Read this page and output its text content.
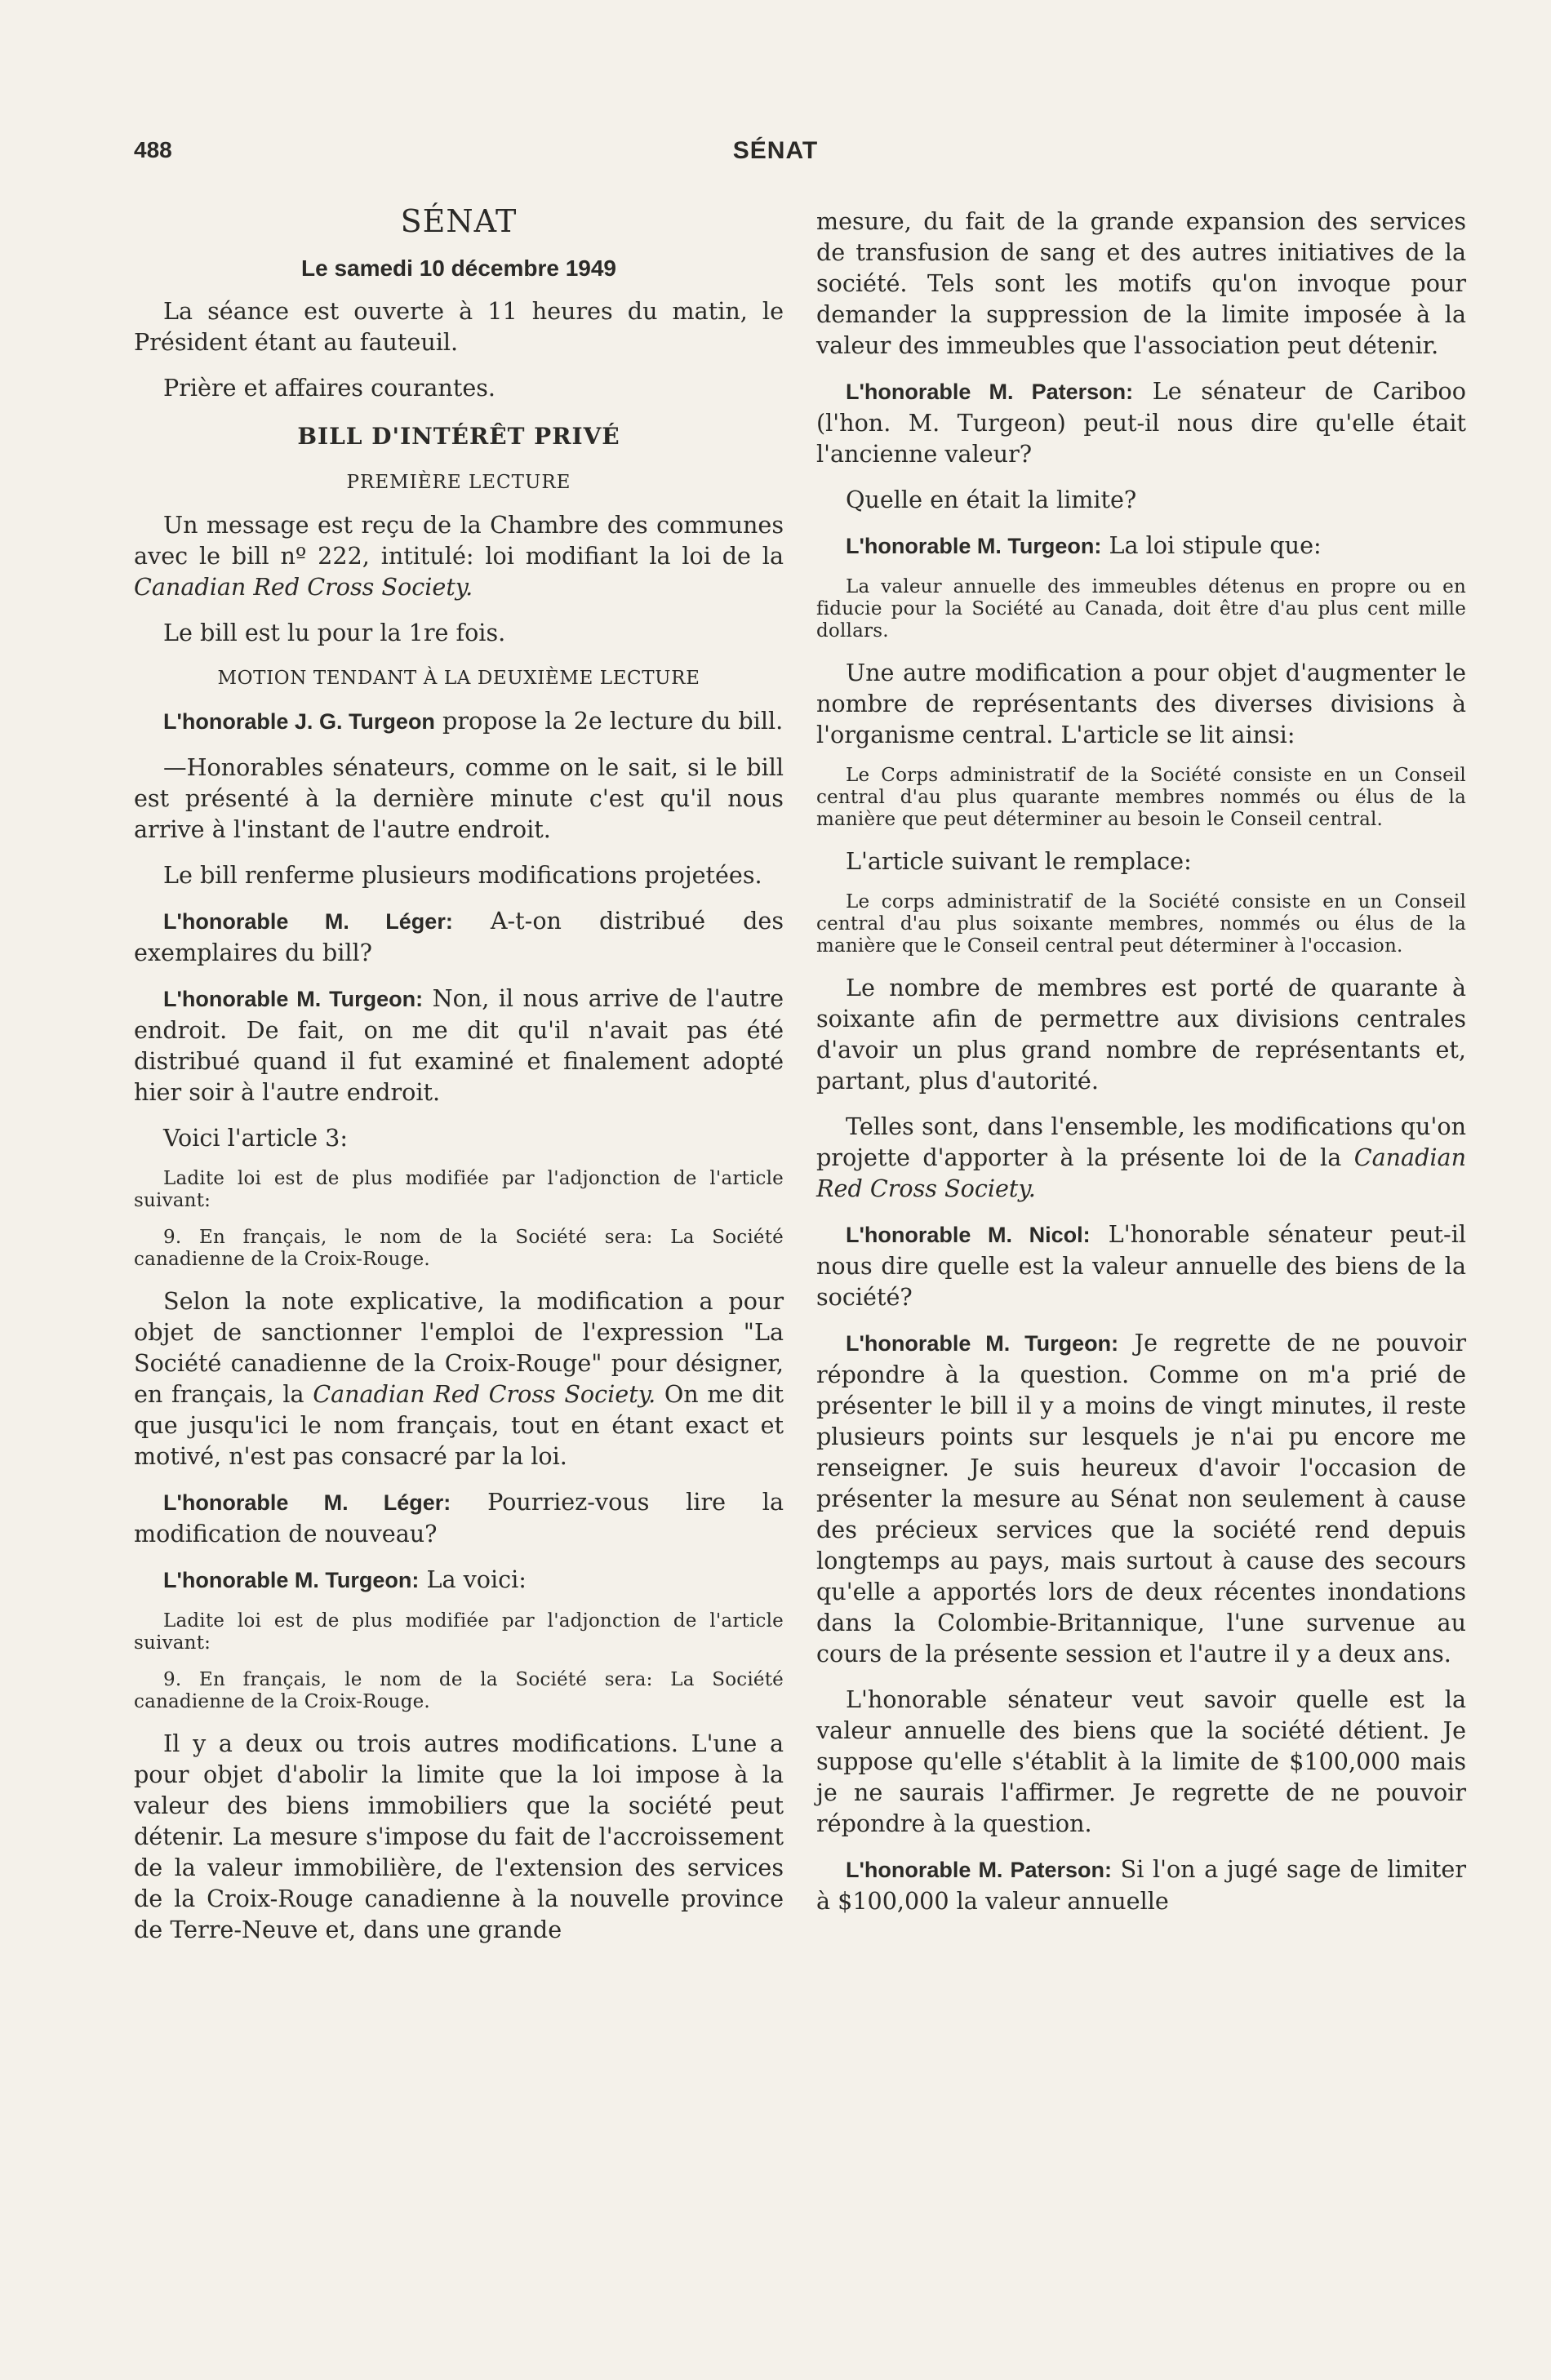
488	SÉNAT
SÉNAT
Le samedi 10 décembre 1949

La séance est ouverte à 11 heures du matin, le Président étant au fauteuil.

Prière et affaires courantes.

BILL D'INTÉRÊT PRIVÉ
PREMIÈRE LECTURE

Un message est reçu de la Chambre des communes avec le bill nº 222, intitulé: loi modifiant la loi de la Canadian Red Cross Society.

Le bill est lu pour la 1re fois.

MOTION TENDANT À LA DEUXIÈME LECTURE

L'honorable J. G. Turgeon propose la 2e lecture du bill.

—Honorables sénateurs, comme on le sait, si le bill est présenté à la dernière minute c'est qu'il nous arrive à l'instant de l'autre endroit.

Le bill renferme plusieurs modifications projetées.

L'honorable M. Léger: A-t-on distribué des exemplaires du bill?

L'honorable M. Turgeon: Non, il nous arrive de l'autre endroit. De fait, on me dit qu'il n'avait pas été distribué quand il fut examiné et finalement adopté hier soir à l'autre endroit.

Voici l'article 3:

Ladite loi est de plus modifiée par l'adjonction de l'article suivant:
9. En français, le nom de la Société sera: La Société canadienne de la Croix-Rouge.

Selon la note explicative, la modification a pour objet de sanctionner l'emploi de l'expression "La Société canadienne de la Croix-Rouge" pour désigner, en français, la Canadian Red Cross Society. On me dit que jusqu'ici le nom français, tout en étant exact et motivé, n'est pas consacré par la loi.

L'honorable M. Léger: Pourriez-vous lire la modification de nouveau?

L'honorable M. Turgeon: La voici:

Ladite loi est de plus modifiée par l'adjonction de l'article suivant:
9. En français, le nom de la Société sera: La Société canadienne de la Croix-Rouge.

Il y a deux ou trois autres modifications. L'une a pour objet d'abolir la limite que la loi impose à la valeur des biens immobiliers que la société peut détenir. La mesure s'impose du fait de l'accroissement de la valeur immobilière, de l'extension des services de la Croix-Rouge canadienne à la nouvelle province de Terre-Neuve et, dans une grande

mesure, du fait de la grande expansion des services de transfusion de sang et des autres initiatives de la société. Tels sont les motifs qu'on invoque pour demander la suppression de la limite imposée à la valeur des immeubles que l'association peut détenir.

L'honorable M. Paterson: Le sénateur de Cariboo (l'hon. M. Turgeon) peut-il nous dire qu'elle était l'ancienne valeur?

Quelle en était la limite?

L'honorable M. Turgeon: La loi stipule que:

La valeur annuelle des immeubles détenus en propre ou en fiducie pour la Société au Canada, doit être d'au plus cent mille dollars.

Une autre modification a pour objet d'augmenter le nombre de représentants des diverses divisions à l'organisme central. L'article se lit ainsi:

Le Corps administratif de la Société consiste en un Conseil central d'au plus quarante membres nommés ou élus de la manière que peut déterminer au besoin le Conseil central.

L'article suivant le remplace:

Le corps administratif de la Société consiste en un Conseil central d'au plus soixante membres, nommés ou élus de la manière que le Conseil central peut déterminer à l'occasion.

Le nombre de membres est porté de quarante à soixante afin de permettre aux divisions centrales d'avoir un plus grand nombre de représentants et, partant, plus d'autorité.

Telles sont, dans l'ensemble, les modifications qu'on projette d'apporter à la présente loi de la Canadian Red Cross Society.

L'honorable M. Nicol: L'honorable sénateur peut-il nous dire quelle est la valeur annuelle des biens de la société?

L'honorable M. Turgeon: Je regrette de ne pouvoir répondre à la question. Comme on m'a prié de présenter le bill il y a moins de vingt minutes, il reste plusieurs points sur lesquels je n'ai pu encore me renseigner. Je suis heureux d'avoir l'occasion de présenter la mesure au Sénat non seulement à cause des précieux services que la société rend depuis longtemps au pays, mais surtout à cause des secours qu'elle a apportés lors de deux récentes inondations dans la Colombie-Britannique, l'une survenue au cours de la présente session et l'autre il y a deux ans.

L'honorable sénateur veut savoir quelle est la valeur annuelle des biens que la société détient. Je suppose qu'elle s'établit à la limite de $100,000 mais je ne saurais l'affirmer. Je regrette de ne pouvoir répondre à la question.

L'honorable M. Paterson: Si l'on a jugé sage de limiter à $100,000 la valeur annuelle
